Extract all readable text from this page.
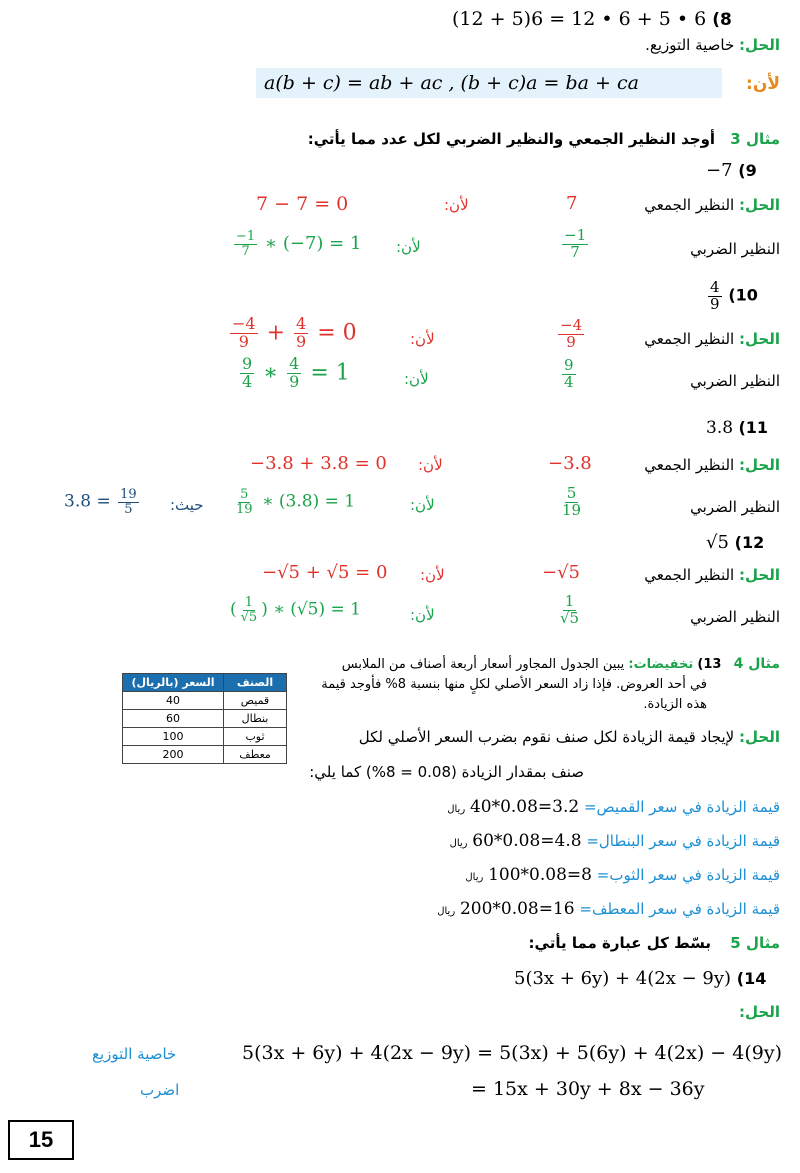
(12 + 5)6 = 12 • 6 + 5 • 6 (8
الحل: خاصية التوزيع.
لأن:
a(b + c) = ab + ac , (b + c)a = ba + ca
مثال 3 أوجد النظير الجمعي والنظير الضربي لكل عدد مما يأتي:
−7 (9
الحل: النظير الجمعي
7
لأن:
7 − 7 = 0
النظير الضربي
$\frac{-1}{7}$
لأن:
$\frac{-1}{7}$ ∗ (−7) = 1
$\frac{4}{9} (10$
الحل: النظير الجمعي
$\frac{-4}{9}$
لأن:
$\frac{-4}{9} + \frac{4}{9} = 0$
النظير الضربي
$\frac{9}{4}$
لأن:
$\frac{9}{4}$ ∗ $\frac{4}{9} = 1$
3.8 (11
الحل: النظير الجمعي
−3.8
لأن:
−3.8 + 3.8 = 0
النظير الضربي
$\frac{5}{19}$
لأن:
$\frac{5}{19}$ ∗ (3.8) = 1
حيث:
$3.8 = \frac{19}{5}$
√5 (12
الحل: النظير الجمعي
−√5
لأن:
−√5 + √5 = 0
النظير الضربي
$\frac{1}{√5}$
لأن:
( $\frac{1}{√5}$ ) ∗ (√5) = 1
مثال 4 13) تخفيضات: يبين الجدول المجاور أسعار أربعة أصناف من الملابس
في أحد العروض. فإذا زاد السعر الأصلي لكلٍ منها بنسبة 8% فأوجد قيمة
هذه الزيادة.
الصنف	السعر (بالريال)
قميص	40
بنطال	60
ثوب	100
معطف	200
الحل: لإيجاد قيمة الزيادة لكل صنف نقوم بضرب السعر الأصلي لكل
صنف بمقدار الزيادة (0.08 = 8%) كما يلي:
قيمة الزيادة في سعر القميص= 40*0.08=3.2 ريال
قيمة الزيادة في سعر البنطال= 60*0.08=4.8 ريال
قيمة الزيادة في سعر الثوب= 100*0.08=8 ريال
قيمة الزيادة في سعر المعطف= 200*0.08=16 ريال
مثال 5 بسّط كل عبارة مما يأتي:
5(3x + 6y) + 4(2x − 9y) (14
الحل:
5(3x + 6y) + 4(2x − 9y) = 5(3x) + 5(6y) + 4(2x) − 4(9y)
خاصية التوزيع
= 15x + 30y + 8x − 36y
اضرب
15
